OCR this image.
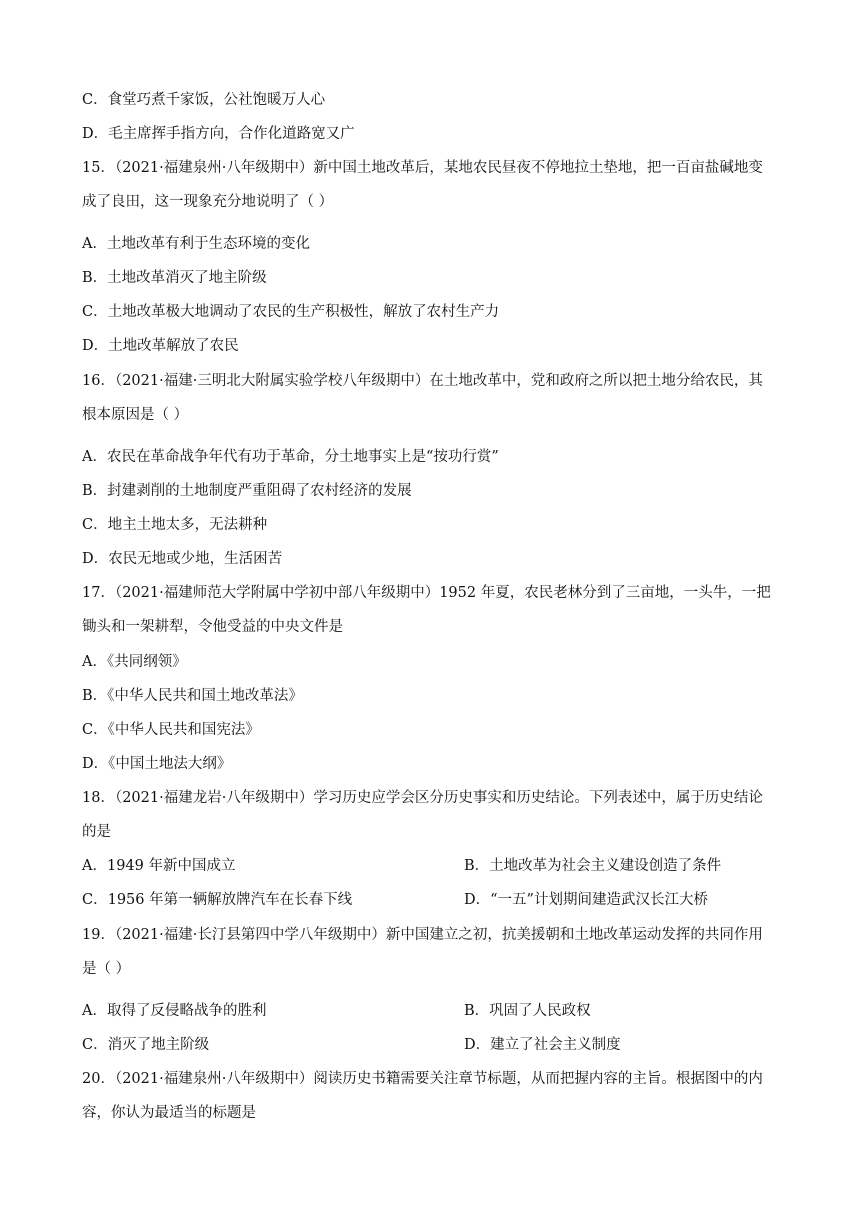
C．食堂巧煮千家饭，公社饱暖万人心
D．毛主席挥手指方向，合作化道路宽又广
15．（2021·福建泉州·八年级期中）新中国土地改革后，某地农民昼夜不停地拉土垫地，把一百亩盐碱地变
成了良田，这一现象充分地说明了（ ）
A．土地改革有利于生态环境的变化
B．土地改革消灭了地主阶级
C．土地改革极大地调动了农民的生产积极性，解放了农村生产力
D．土地改革解放了农民
16．（2021·福建·三明北大附属实验学校八年级期中）在土地改革中，党和政府之所以把土地分给农民，其
根本原因是（ ）
A．农民在革命战争年代有功于革命，分土地事实上是“按功行赏”
B．封建剥削的土地制度严重阻碍了农村经济的发展
C．地主土地太多，无法耕种
D．农民无地或少地，生活困苦
17．（2021·福建师范大学附属中学初中部八年级期中）1952 年夏，农民老林分到了三亩地，一头牛，一把
锄头和一架耕犁，令他受益的中央文件是
A．《共同纲领》
B．《中华人民共和国土地改革法》
C．《中华人民共和国宪法》
D．《中国土地法大纲》
18．（2021·福建龙岩·八年级期中）学习历史应学会区分历史事实和历史结论。下列表述中，属于历史结论
的是
A．1949 年新中国成立	B．土地改革为社会主义建设创造了条件
C．1956 年第一辆解放牌汽车在长春下线	D．“一五”计划期间建造武汉长江大桥
19．（2021·福建·长汀县第四中学八年级期中）新中国建立之初，抗美援朝和土地改革运动发挥的共同作用
是（ ）
A．取得了反侵略战争的胜利	B．巩固了人民政权
C．消灭了地主阶级	D．建立了社会主义制度
20．（2021·福建泉州·八年级期中）阅读历史书籍需要关注章节标题，从而把握内容的主旨。根据图中的内
容，你认为最适当的标题是
